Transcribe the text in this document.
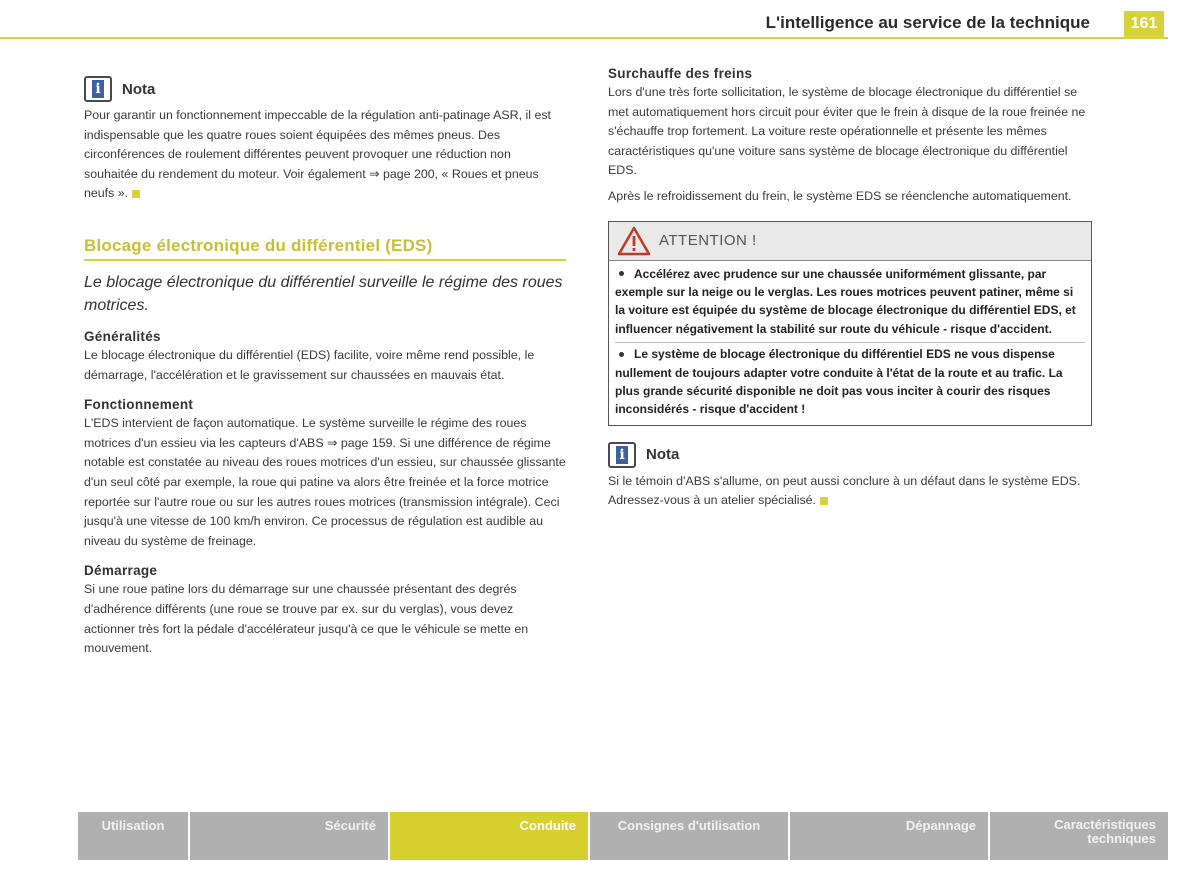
L'intelligence au service de la technique	161
i Nota

Pour garantir un fonctionnement impeccable de la régulation anti-patinage ASR, il est indispensable que les quatre roues soient équipées des mêmes pneus. Des circonférences de roulement différentes peuvent provoquer une réduction non souhaitée du rendement du moteur. Voir également ⇒ page 200, « Roues et pneus neufs ».

Blocage électronique du différentiel (EDS)
Le blocage électronique du différentiel surveille le régime des roues motrices.
Généralités

Le blocage électronique du différentiel (EDS) facilite, voire même rend possible, le démarrage, l'accélération et le gravissement sur chaussées en mauvais état.

Fonctionnement

L'EDS intervient de façon automatique. Le système surveille le régime des roues motrices d'un essieu via les capteurs d'ABS ⇒ page 159. Si une différence de régime notable est constatée au niveau des roues motrices d'un essieu, sur chaussée glissante d'un seul côté par exemple, la roue qui patine va alors être freinée et la force motrice reportée sur l'autre roue ou sur les autres roues motrices (transmission intégrale). Ceci jusqu'à une vitesse de 100 km/h environ. Ce processus de régulation est audible au niveau du système de freinage.

Démarrage

Si une roue patine lors du démarrage sur une chaussée présentant des degrés d'adhérence différents (une roue se trouve par ex. sur du verglas), vous devez actionner très fort la pédale d'accélérateur jusqu'à ce que le véhicule se mette en mouvement.

Surchauffe des freins

Lors d'une très forte sollicitation, le système de blocage électronique du différentiel se met automatiquement hors circuit pour éviter que le frein à disque de la roue freinée ne s'échauffe trop fortement. La voiture reste opérationnelle et présente les mêmes caractéristiques qu'une voiture sans système de blocage électronique du différentiel EDS.

Après le refroidissement du frein, le système EDS se réenclenche automatiquement.

ATTENTION !

Accélérez avec prudence sur une chaussée uniformément glissante, par exemple sur la neige ou le verglas. Les roues motrices peuvent patiner, même si la voiture est équipée du système de blocage électronique du différentiel EDS, et influencer négativement la stabilité sur route du véhicule - risque d'accident.

Le système de blocage électronique du différentiel EDS ne vous dispense nullement de toujours adapter votre conduite à l'état de la route et au trafic. La plus grande sécurité disponible ne doit pas vous inciter à courir des risques inconsidérés - risque d'accident !

i Nota

Si le témoin d'ABS s'allume, on peut aussi conclure à un défaut dans le système EDS. Adressez-vous à un atelier spécialisé.

Utilisation	Sécurité	Conduite	Consignes d'utilisation	Dépannage	Caractéristiques techniques
